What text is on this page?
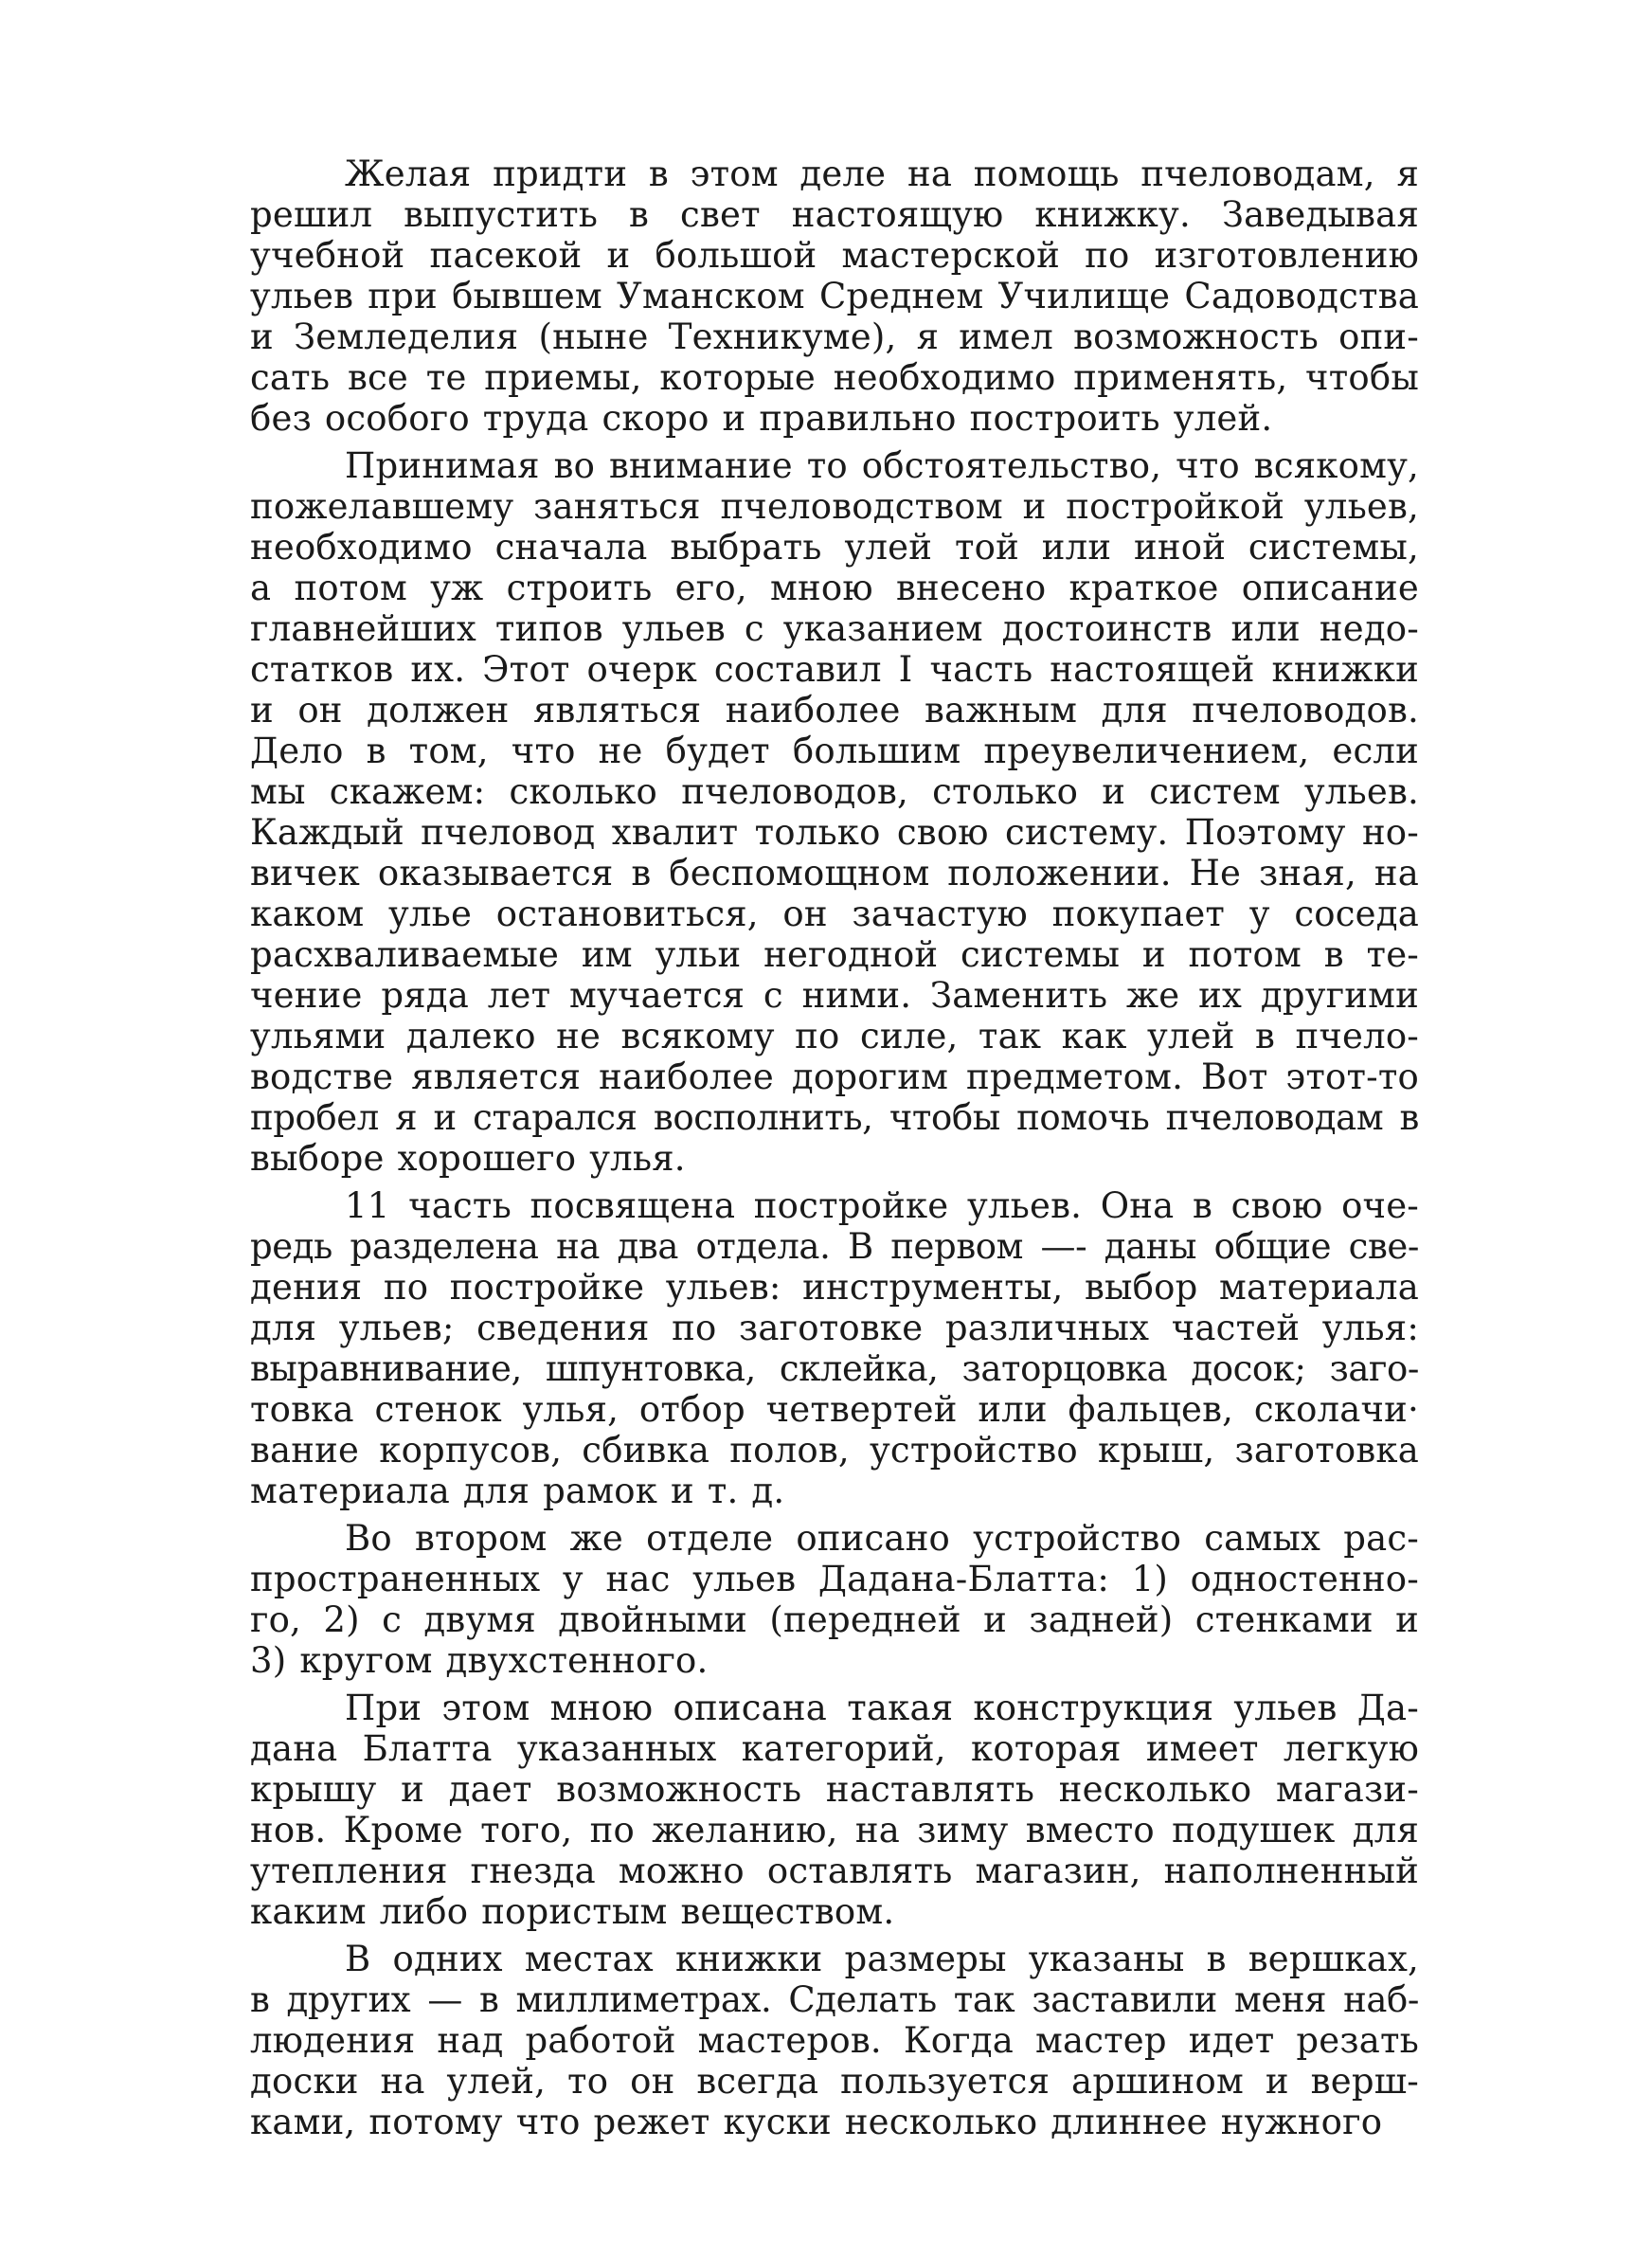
Желая придти в этом деле на помощь пчеловодам, я
решил выпустить в свет настоящую книжку. Заведывая
учебной пасекой и большой мастерской по изготовлению
ульев при бывшем Уманском Среднем Училище Садоводства
и Земледелия (ныне Техникуме), я имел возможность опи-
сать все те приемы, которые необходимо применять, чтобы
без особого труда скоро и правильно построить улей.
Принимая во внимание то обстоятельство, что всякому,
пожелавшему заняться пчеловодством и постройкой ульев,
необходимо сначала выбрать улей той или иной системы,
а потом уж строить его, мною внесено краткое описание
главнейших типов ульев с указанием достоинств или недо-
статков их. Этот очерк составил I часть настоящей книжки
и он должен являться наиболее важным для пчеловодов.
Дело в том, что не будет большим преувеличением, если
мы скажем: сколько пчеловодов, столько и систем ульев.
Каждый пчеловод хвалит только свою систему. Поэтому но-
вичек оказывается в беспомощном положении. Не зная, на
каком улье остановиться, он зачастую покупает у соседа
расхваливаемые им ульи негодной системы и потом в те-
чение ряда лет мучается с ними. Заменить же их другими
ульями далеко не всякому по силе, так как улей в пчело-
водстве является наиболее дорогим предметом. Вот этот-то
пробел я и старался восполнить, чтобы помочь пчеловодам в
выборе хорошего улья.
11 часть посвящена постройке ульев. Она в свою оче-
редь разделена на два отдела. В первом —- даны общие све-
дения по постройке ульев: инструменты, выбор материала
для ульев; сведения по заготовке различных частей улья:
выравнивание, шпунтовка, склейка, заторцовка досок; заго-
товка стенок улья, отбор четвертей или фальцев, сколачи·
вание корпусов, сбивка полов, устройство крыш, заготовка
материала для рамок и т. д.
Во втором же отделе описано устройство самых рас-
пространенных у нас ульев Дадана-Блатта: 1) одностенно-
го, 2) с двумя двойными (передней и задней) стенками и
3) кругом двухстенного.
При этом мною описана такая конструкция ульев Да-
дана Блатта указанных категорий, которая имеет легкую
крышу и дает возможность наставлять несколько магази-
нов. Кроме того, по желанию, на зиму вместо подушек для
утепления гнезда можно оставлять магазин, наполненный
каким либо пористым веществом.
В одних местах книжки размеры указаны в вершках,
в других — в миллиметрах. Сделать так заставили меня наб-
людения над работой мастеров. Когда мастер идет резать
доски на улей, то он всегда пользуется аршином и верш-
ками, потому что режет куски несколько длиннее нужного
